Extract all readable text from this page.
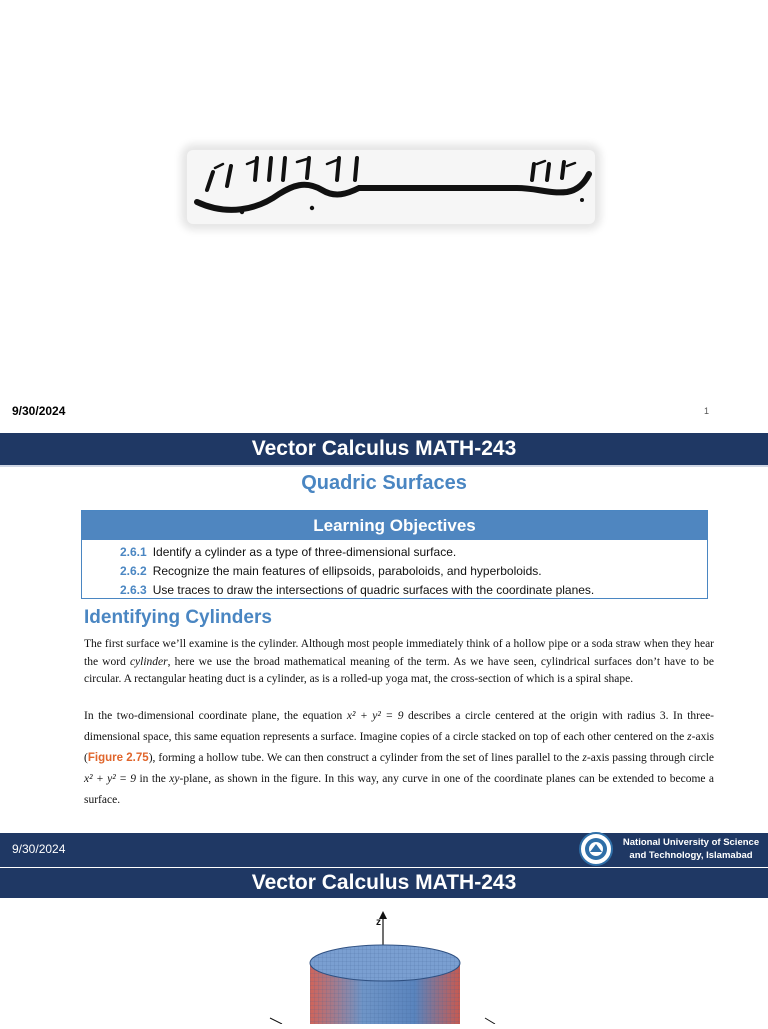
9/30/2024	1
Vector Calculus MATH-243
Quadric Surfaces
Learning Objectives
2.6.1 Identify a cylinder as a type of three-dimensional surface.
2.6.2 Recognize the main features of ellipsoids, paraboloids, and hyperboloids.
2.6.3 Use traces to draw the intersections of quadric surfaces with the coordinate planes.
Identifying Cylinders
The first surface we’ll examine is the cylinder. Although most people immediately think of a hollow pipe or a soda straw when they hear the word cylinder, here we use the broad mathematical meaning of the term. As we have seen, cylindrical surfaces don’t have to be circular. A rectangular heating duct is a cylinder, as is a rolled-up yoga mat, the cross-section of which is a spiral shape.
In the two-dimensional coordinate plane, the equation x² + y² = 9 describes a circle centered at the origin with radius 3. In three-dimensional space, this same equation represents a surface. Imagine copies of a circle stacked on top of each other centered on the z-axis (Figure 2.75), forming a hollow tube. We can then construct a cylinder from the set of lines parallel to the z-axis passing through circle x² + y² = 9 in the xy-plane, as shown in the figure. In this way, any curve in one of the coordinate planes can be extended to become a surface.
9/30/2024	National University of Science
and Technology, Islamabad
Vector Calculus MATH-243
z
